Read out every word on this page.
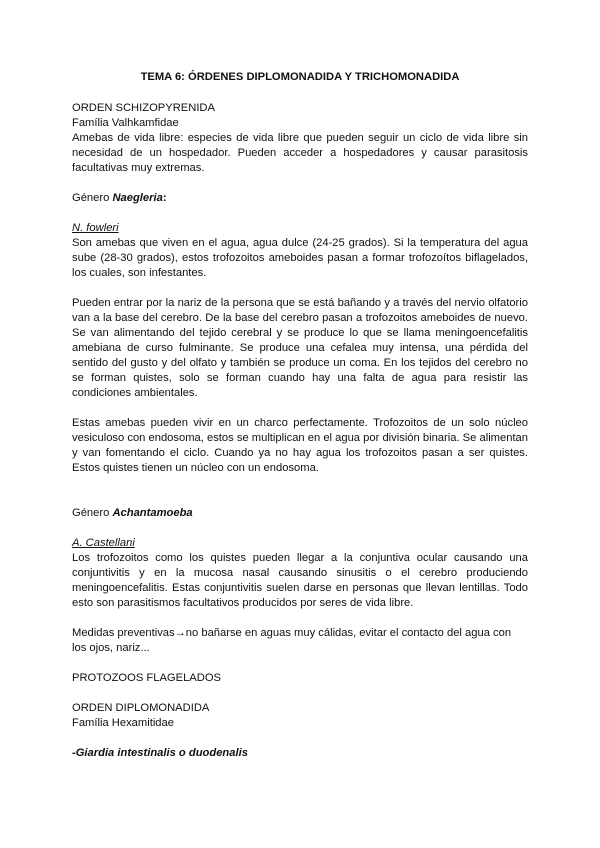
TEMA 6: ÓRDENES DIPLOMONADIDA Y TRICHOMONADIDA

ORDEN SCHIZOPYRENIDA

Família Valhkamfidae

Amebas de vida libre: especies de vida libre que pueden seguir un ciclo de vida libre sin necesidad de un hospedador. Pueden acceder a hospedadores y causar parasitosis facultativas muy extremas.

Género Naegleria:

N. fowleri

Son amebas que viven en el agua, agua dulce (24-25 grados). Si la temperatura del agua sube (28-30 grados), estos trofozoitos ameboides pasan a formar trofozoítos biflagelados, los cuales, son infestantes.

Pueden entrar por la nariz de la persona que se está bañando y a través del nervio olfatorio van a la base del cerebro. De la base del cerebro pasan a trofozoitos ameboides de nuevo. Se van alimentando del tejido cerebral y se produce lo que se llama meningoencefalitis amebiana de curso fulminante. Se produce una cefalea muy intensa, una pérdida del sentido del gusto y del olfato y también se produce un coma. En los tejidos del cerebro no se forman quistes, solo se forman cuando hay una falta de agua para resistir las condiciones ambientales.

Estas amebas pueden vivir en un charco perfectamente. Trofozoitos de un solo núcleo vesiculoso con endosoma, estos se multiplican en el agua por división binaria. Se alimentan y van fomentando el ciclo. Cuando ya no hay agua los trofozoitos pasan a ser quistes. Estos quistes tienen un núcleo con un endosoma.

Género Achantamoeba

A. Castellani

Los trofozoitos como los quistes pueden llegar a la conjuntiva ocular causando una conjuntivitis y en la mucosa nasal causando sinusitis o el cerebro produciendo meningoencefalitis. Estas conjuntivitis suelen darse en personas que llevan lentillas. Todo esto son parasitismos facultativos producidos por seres de vida libre.

Medidas preventivas→no bañarse en aguas muy cálidas, evitar el contacto del agua con los ojos, nariz...

PROTOZOOS FLAGELADOS

ORDEN DIPLOMONADIDA

Família Hexamitidae

-Giardia intestinalis o duodenalis
